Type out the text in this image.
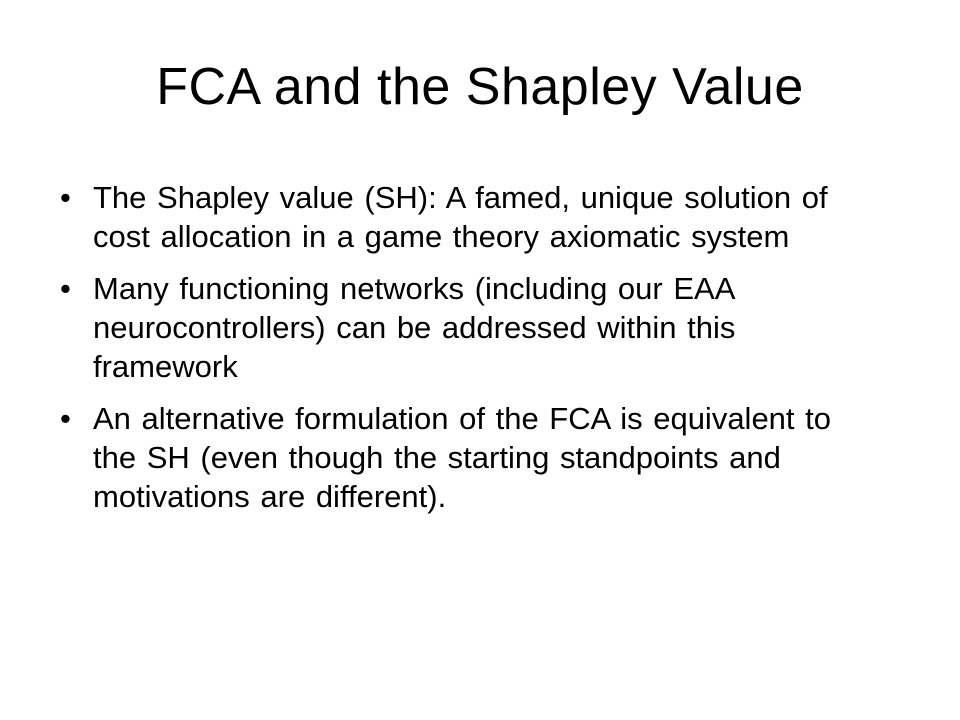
FCA and the Shapley Value
• The Shapley value (SH): A famed, unique solution of cost allocation in a game theory axiomatic system
• Many functioning networks (including our EAA neurocontrollers) can be addressed within this framework
• An alternative formulation of the FCA is equivalent to the SH (even though the starting standpoints and motivations are different).
